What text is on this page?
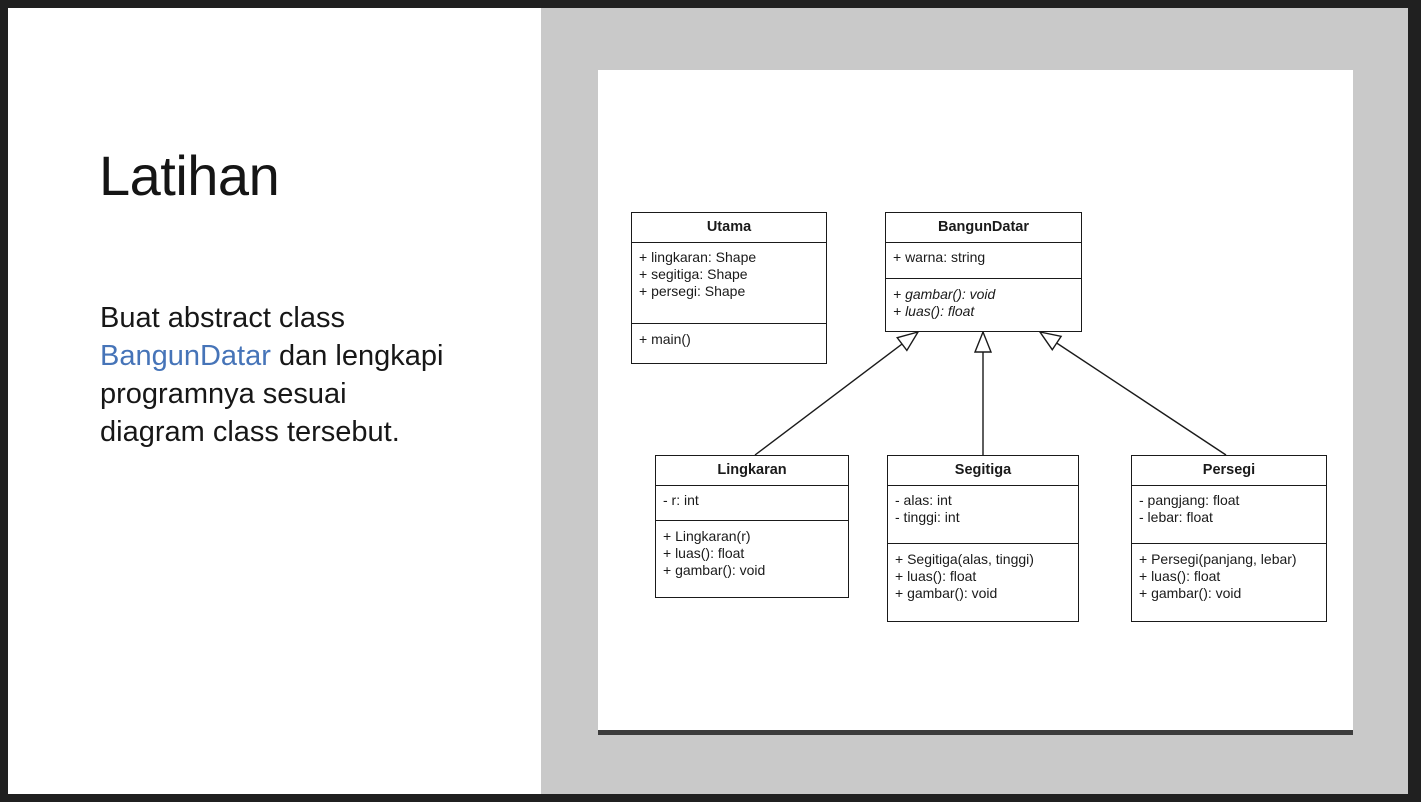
Latihan
Buat abstract class
BangunDatar dan lengkapi
programnya sesuai
diagram class tersebut.
Utama
+ lingkaran: Shape
+ segitiga: Shape
+ persegi: Shape
+ main()
BangunDatar
+ warna: string
+ gambar(): void
+ luas(): float
Lingkaran
- r: int
+ Lingkaran(r)
+ luas(): float
+ gambar(): void
Segitiga
- alas: int
- tinggi: int
+ Segitiga(alas, tinggi)
+ luas(): float
+ gambar(): void
Persegi
- pangjang: float
- lebar: float
+ Persegi(panjang, lebar)
+ luas(): float
+ gambar(): void
